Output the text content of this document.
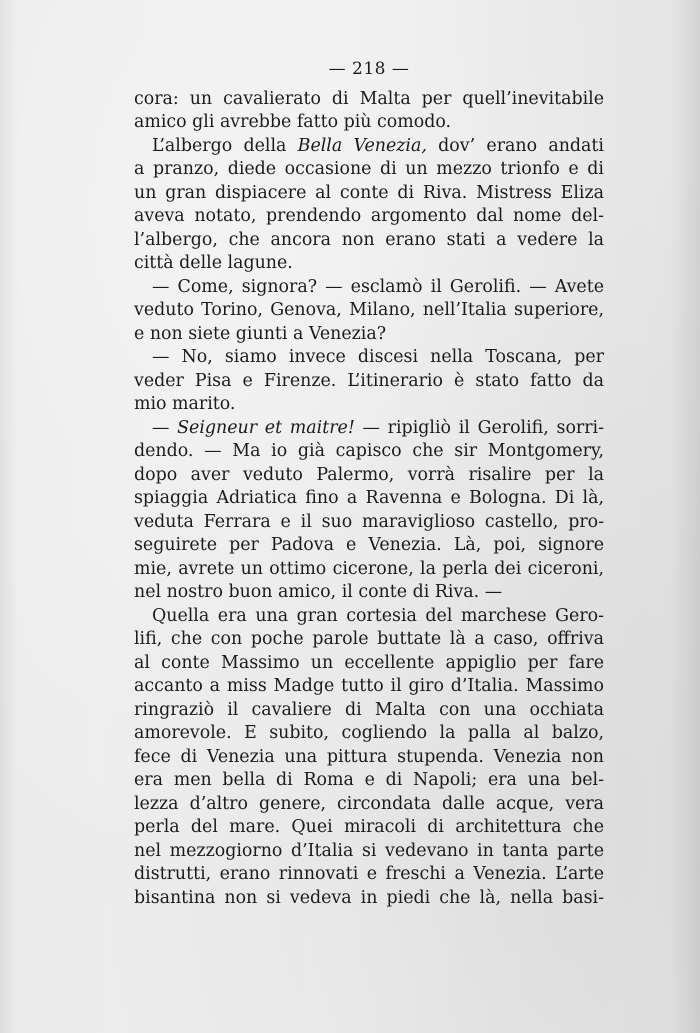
— 218 —
cora: un cavalierato di Malta per quell’inevitabile
amico gli avrebbe fatto più comodo.
L’albergo della Bella Venezia, dov’ erano andati
a pranzo, diede occasione di un mezzo trionfo e di
un gran dispiacere al conte di Riva. Mistress Eliza
aveva notato, prendendo argomento dal nome del-
l’albergo, che ancora non erano stati a vedere la
città delle lagune.
— Come, signora? — esclamò il Gerolifi. — Avete
veduto Torino, Genova, Milano, nell’Italia superiore,
e non siete giunti a Venezia?
— No, siamo invece discesi nella Toscana, per
veder Pisa e Firenze. L’itinerario è stato fatto da
mio marito.
— Seigneur et maitre! — ripigliò il Gerolifi, sorri-
dendo. — Ma io già capisco che sir Montgomery,
dopo aver veduto Palermo, vorrà risalire per la
spiaggia Adriatica fino a Ravenna e Bologna. Di là,
veduta Ferrara e il suo maraviglioso castello, pro-
seguirete per Padova e Venezia. Là, poi, signore
mie, avrete un ottimo cicerone, la perla dei ciceroni,
nel nostro buon amico, il conte di Riva. —
Quella era una gran cortesia del marchese Gero-
lifi, che con poche parole buttate là a caso, offriva
al conte Massimo un eccellente appiglio per fare
accanto a miss Madge tutto il giro d’Italia. Massimo
ringraziò il cavaliere di Malta con una occhiata
amorevole. E subito, cogliendo la palla al balzo,
fece di Venezia una pittura stupenda. Venezia non
era men bella di Roma e di Napoli; era una bel-
lezza d’altro genere, circondata dalle acque, vera
perla del mare. Quei miracoli di architettura che
nel mezzogiorno d’Italia si vedevano in tanta parte
distrutti, erano rinnovati e freschi a Venezia. L’arte
bisantina non si vedeva in piedi che là, nella basi-
